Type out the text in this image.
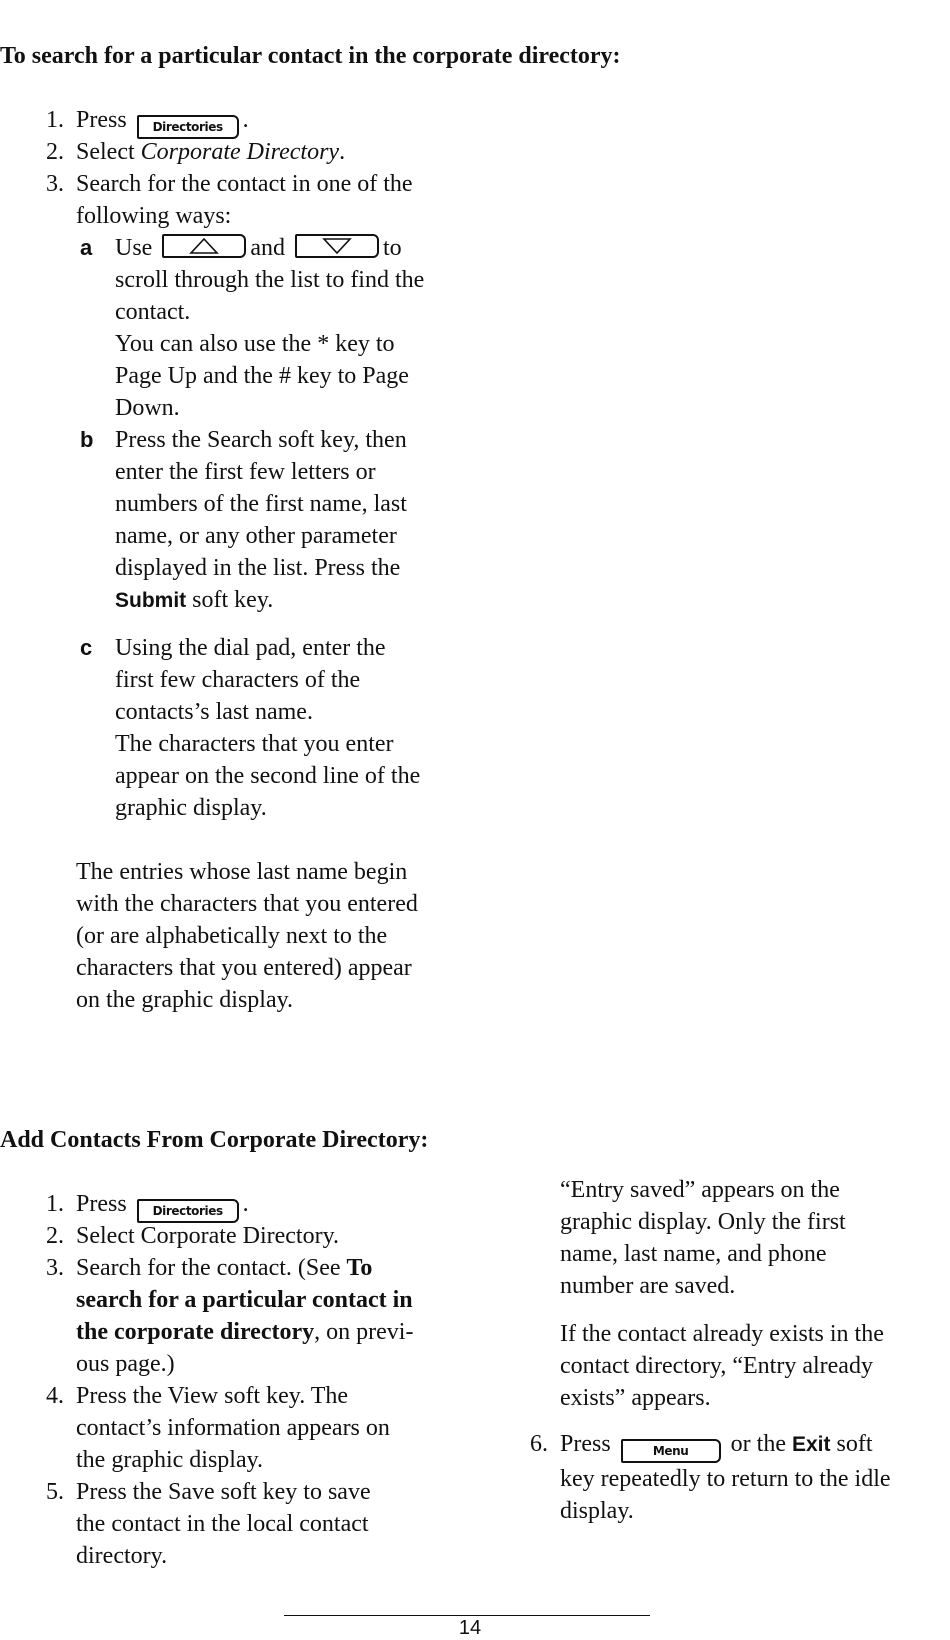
To search for a particular contact in the corporate directory:
1. Press Directories .
2. Select Corporate Directory.
3. Search for the contact in one of the
following ways:
a Use	and	to
scroll through the list to find the
contact.
You can also use the * key to
Page Up and the # key to Page
Down.
b Press the Search soft key, then
enter the first few letters or
numbers of the first name, last
name, or any other parameter
displayed in the list. Press the
Submit soft key.
c Using the dial pad, enter the
first few characters of the
contacts’s last name.
The characters that you enter
appear on the second line of the
graphic display.
The entries whose last name begin
with the characters that you entered
(or are alphabetically next to the
characters that you entered) appear
on the graphic display.
Add Contacts From Corporate Directory:
1. Press Directories .
2. Select Corporate Directory.
3. Search for the contact. (See To
search for a particular contact in
the corporate directory, on previ-
ous page.)
4. Press the View soft key. The
contact’s information appears on
the graphic display.
5. Press the Save soft key to save
the contact in the local contact
directory.
“Entry saved” appears on the
graphic display. Only the first
name, last name, and phone
number are saved.
If the contact already exists in the
contact directory, “Entry already
exists” appears.
6. Press	Menu or the Exit soft
key repeatedly to return to the idle
display.
14
